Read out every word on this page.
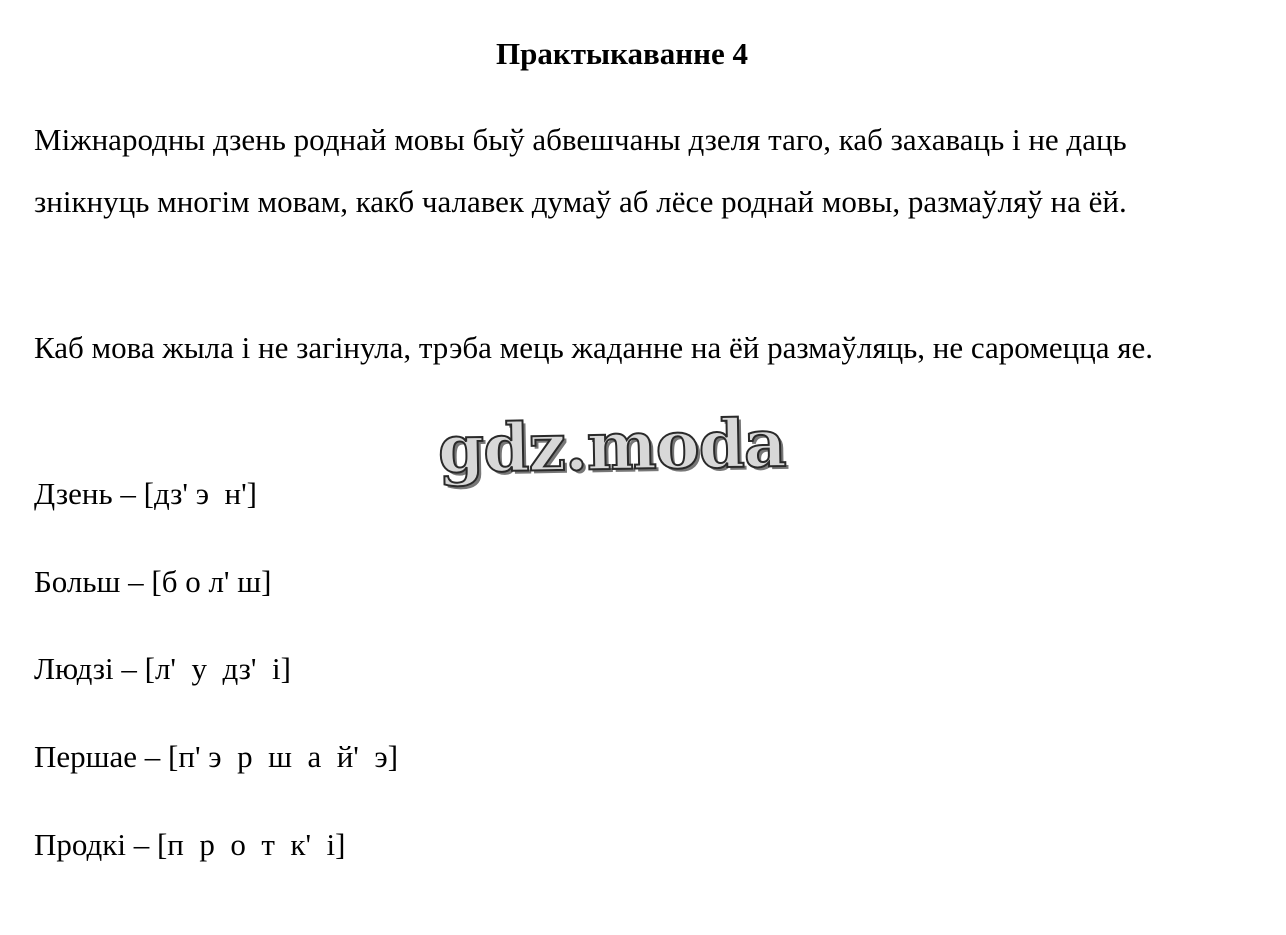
Практыкаванне 4

Міжнародны дзень роднай мовы быў абвешчаны дзеля таго, каб захаваць і не даць знікнуць многім мовам, какб чалавек думаў аб лёсе роднай мовы, размаўляў на ёй.

Каб мова жыла і не загінула, трэба мець жаданне на ёй размаўляць, не саромецца яе.

Дзень – [дз' э  н']
Больш – [б о л' ш]
Людзі – [л'  у  дз'  і]
Першае – [п' э  р  ш  а  й'  э]
Продкі – [п  р  о  т  к'  і]
gdz.moda
